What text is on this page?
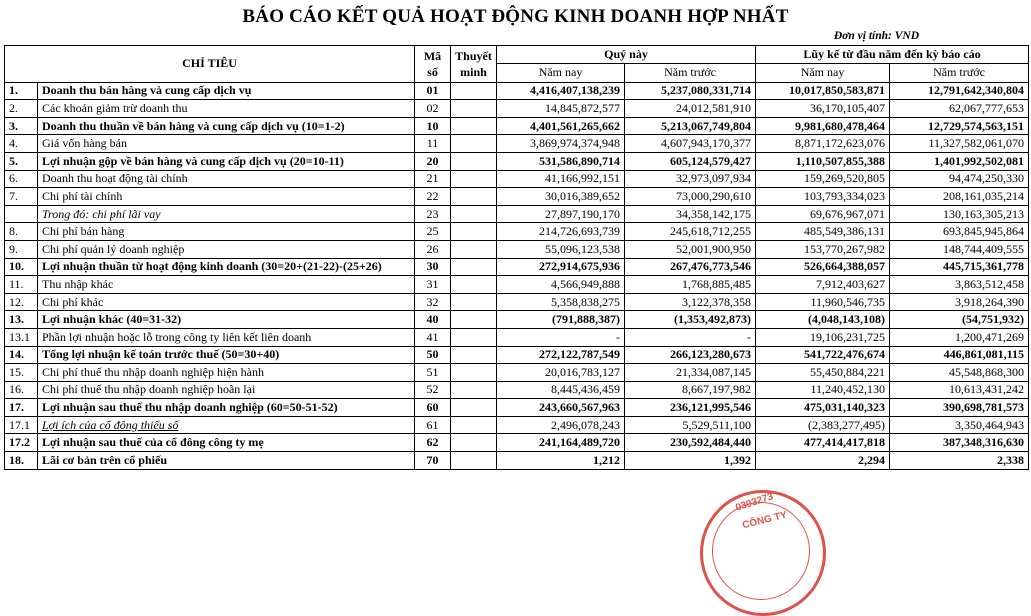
BÁO CÁO KẾT QUẢ HOẠT ĐỘNG KINH DOANH HỢP NHẤT
Đơn vị tính: VND
CHỈ TIÊU		Mã số	Thuyết minh	Quý này		Lũy kế từ đầu năm đến kỳ báo cáo	
				Năm nay	Năm trước	Năm nay	Năm trước
1.	Doanh thu bán hàng và cung cấp dịch vụ	01		4,416,407,138,239	5,237,080,331,714	10,017,850,583,871	12,791,642,340,804
2.	Các khoản giảm trừ doanh thu	02		14,845,872,577	24,012,581,910	36,170,105,407	62,067,777,653
3.	Doanh thu thuần về bán hàng và cung cấp dịch vụ (10=1-2)	10		4,401,561,265,662	5,213,067,749,804	9,981,680,478,464	12,729,574,563,151
4.	Giá vốn hàng bán	11		3,869,974,374,948	4,607,943,170,377	8,871,172,623,076	11,327,582,061,070
5.	Lợi nhuận gộp về bán hàng và cung cấp dịch vụ (20=10-11)	20		531,586,890,714	605,124,579,427	1,110,507,855,388	1,401,992,502,081
6.	Doanh thu hoạt động tài chính	21		41,166,992,151	32,973,097,934	159,269,520,805	94,474,250,330
7.	Chi phí tài chính	22		30,016,389,652	73,000,290,610	103,793,334,023	208,161,035,214
	Trong đó: chi phí lãi vay	23		27,897,190,170	34,358,142,175	69,676,967,071	130,163,305,213
8.	Chi phí bán hàng	25		214,726,693,739	245,618,712,255	485,549,386,131	693,845,945,864
9.	Chi phí quản lý doanh nghiệp	26		55,096,123,538	52,001,900,950	153,770,267,982	148,744,409,555
10.	Lợi nhuận thuần từ hoạt động kinh doanh (30=20+(21-22)-(25+26)	30		272,914,675,936	267,476,773,546	526,664,388,057	445,715,361,778
11.	Thu nhập khác	31		4,566,949,888	1,768,885,485	7,912,403,627	3,863,512,458
12.	Chi phí khác	32		5,358,838,275	3,122,378,358	11,960,546,735	3,918,264,390
13.	Lợi nhuận khác (40=31-32)	40		(791,888,387)	(1,353,492,873)	(4,048,143,108)	(54,751,932)
13.1	Phần lợi nhuận hoặc lỗ trong công ty liên kết liên doanh	41		-	-	19,106,231,725	1,200,471,269
14.	Tổng lợi nhuận kế toán trước thuế (50=30+40)	50		272,122,787,549	266,123,280,673	541,722,476,674	446,861,081,115
15.	Chi phí thuế thu nhập doanh nghiệp hiện hành	51		20,016,783,127	21,334,087,145	55,450,884,221	45,548,868,300
16.	Chi phí thuế thu nhập doanh nghiệp hoãn lại	52		8,445,436,459	8,667,197,982	11,240,452,130	10,613,431,242
17.	Lợi nhuận sau thuế thu nhập doanh nghiệp (60=50-51-52)	60		243,660,567,963	236,121,995,546	475,031,140,323	390,698,781,573
17.1	Lợi ích của cổ đông thiểu số	61		2,496,078,243	5,529,511,100	(2,383,277,495)	3,350,464,943
17.2	Lợi nhuận sau thuế của cổ đông công ty mẹ	62		241,164,489,720	230,592,484,440	477,414,417,818	387,348,316,630
18.	Lãi cơ bản trên cổ phiếu	70		1,212	1,392	2,294	2,338
0303273
CÔNG TY
